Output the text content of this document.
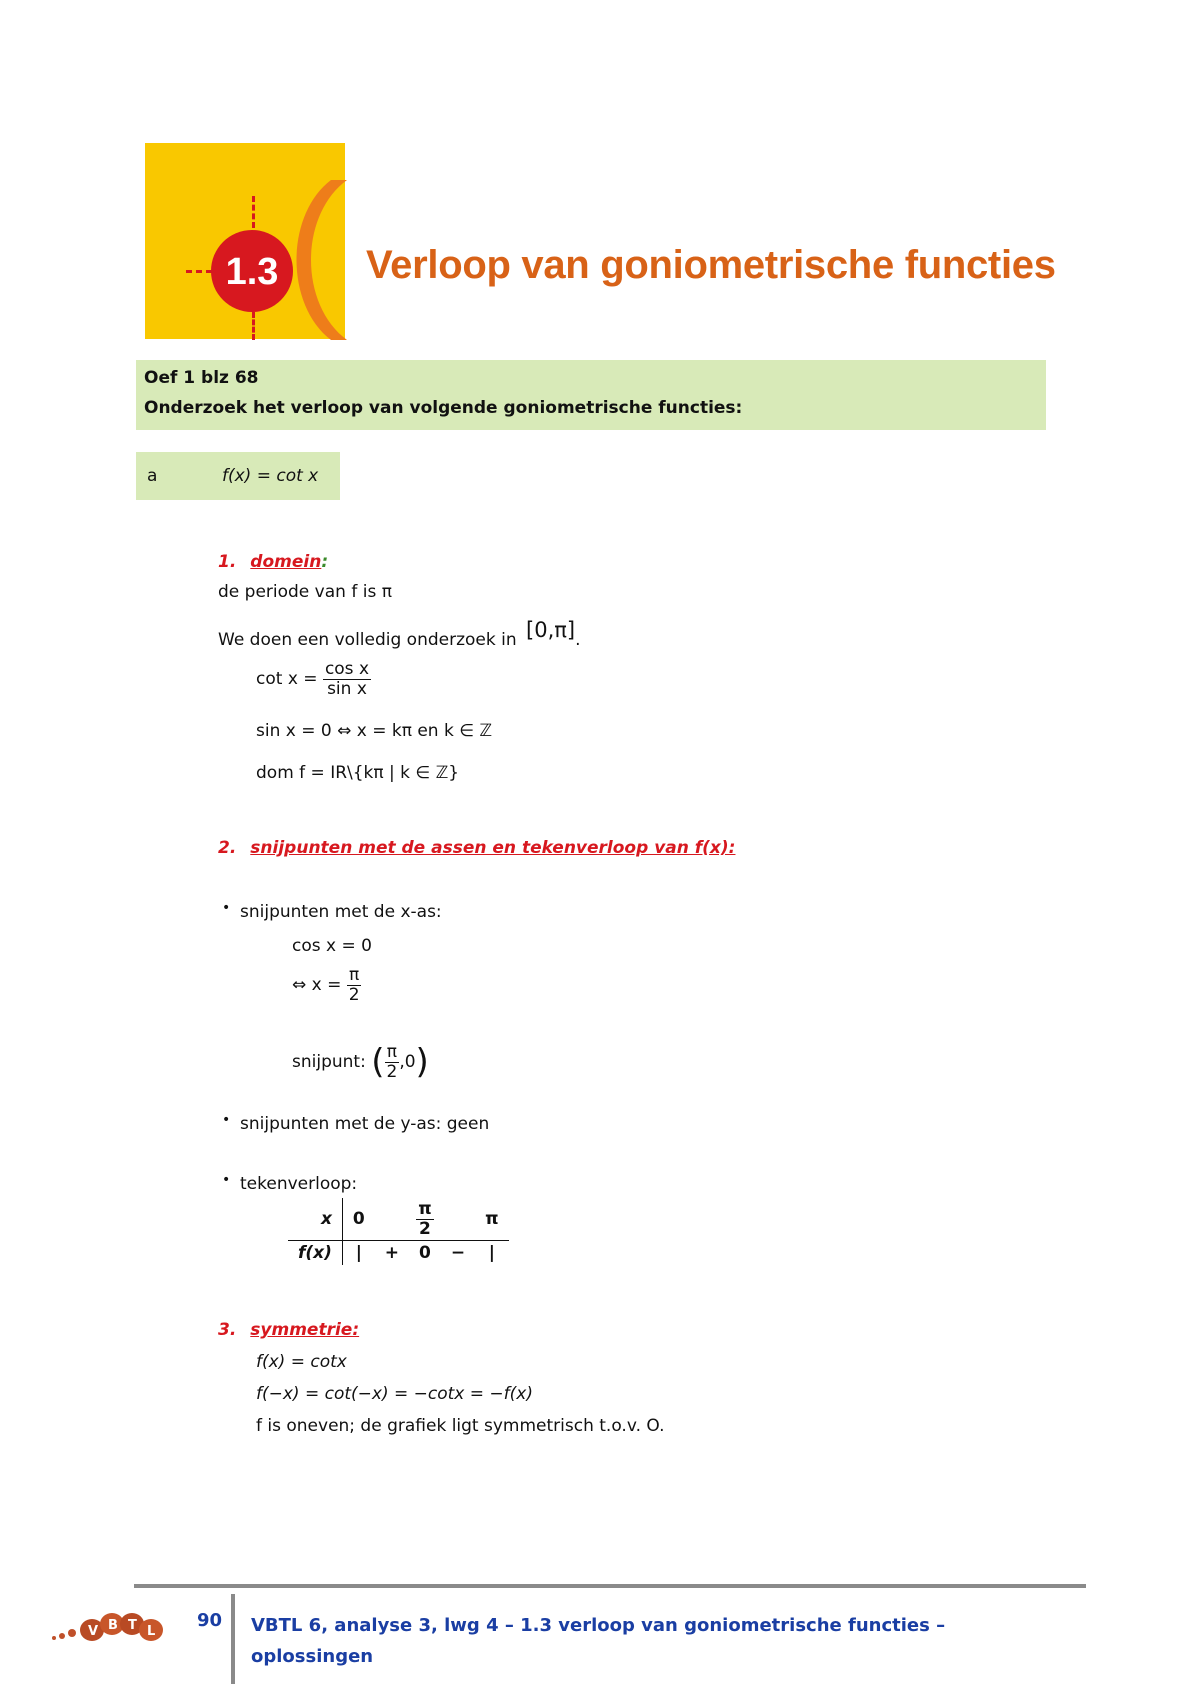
1.3 Verloop van goniometrische functies
Oef 1 blz 68
Onderzoek het verloop van volgende goniometrische functies:
a	f(x) = cot x
1. domein:
de periode van f is π
We doen een volledig onderzoek in [0,π].
$\cot x = \frac{\text{cos x}}{\text{sin x}}$
sin x = 0 ⇔ x = kπ en k ∈ ℤ
dom f = IR\{kπ | k ∈ ℤ}
2. snijpunten met de assen en tekenverloop van f(x):
• snijpunten met de x-as:
cos x = 0
⇔ $x = \frac{\pi}{2}$
snijpunt: ( $\frac{\pi}{2} ,0$)
• snijpunten met de y-as: geen
• tekenverloop:
x	0	$\frac{\pi}{2}$			π
f(x)	|	+	0	−	|
3. symmetrie:
f(x) = cotx
f(−x) = cot(−x) = −cotx = −f(x)
f is oneven; de grafiek ligt symmetrisch t.o.v. O.
90 VBTL 6, analyse 3, lwg 4 – 1.3 verloop van goniometrische functies –
oplossingen
V B T L
